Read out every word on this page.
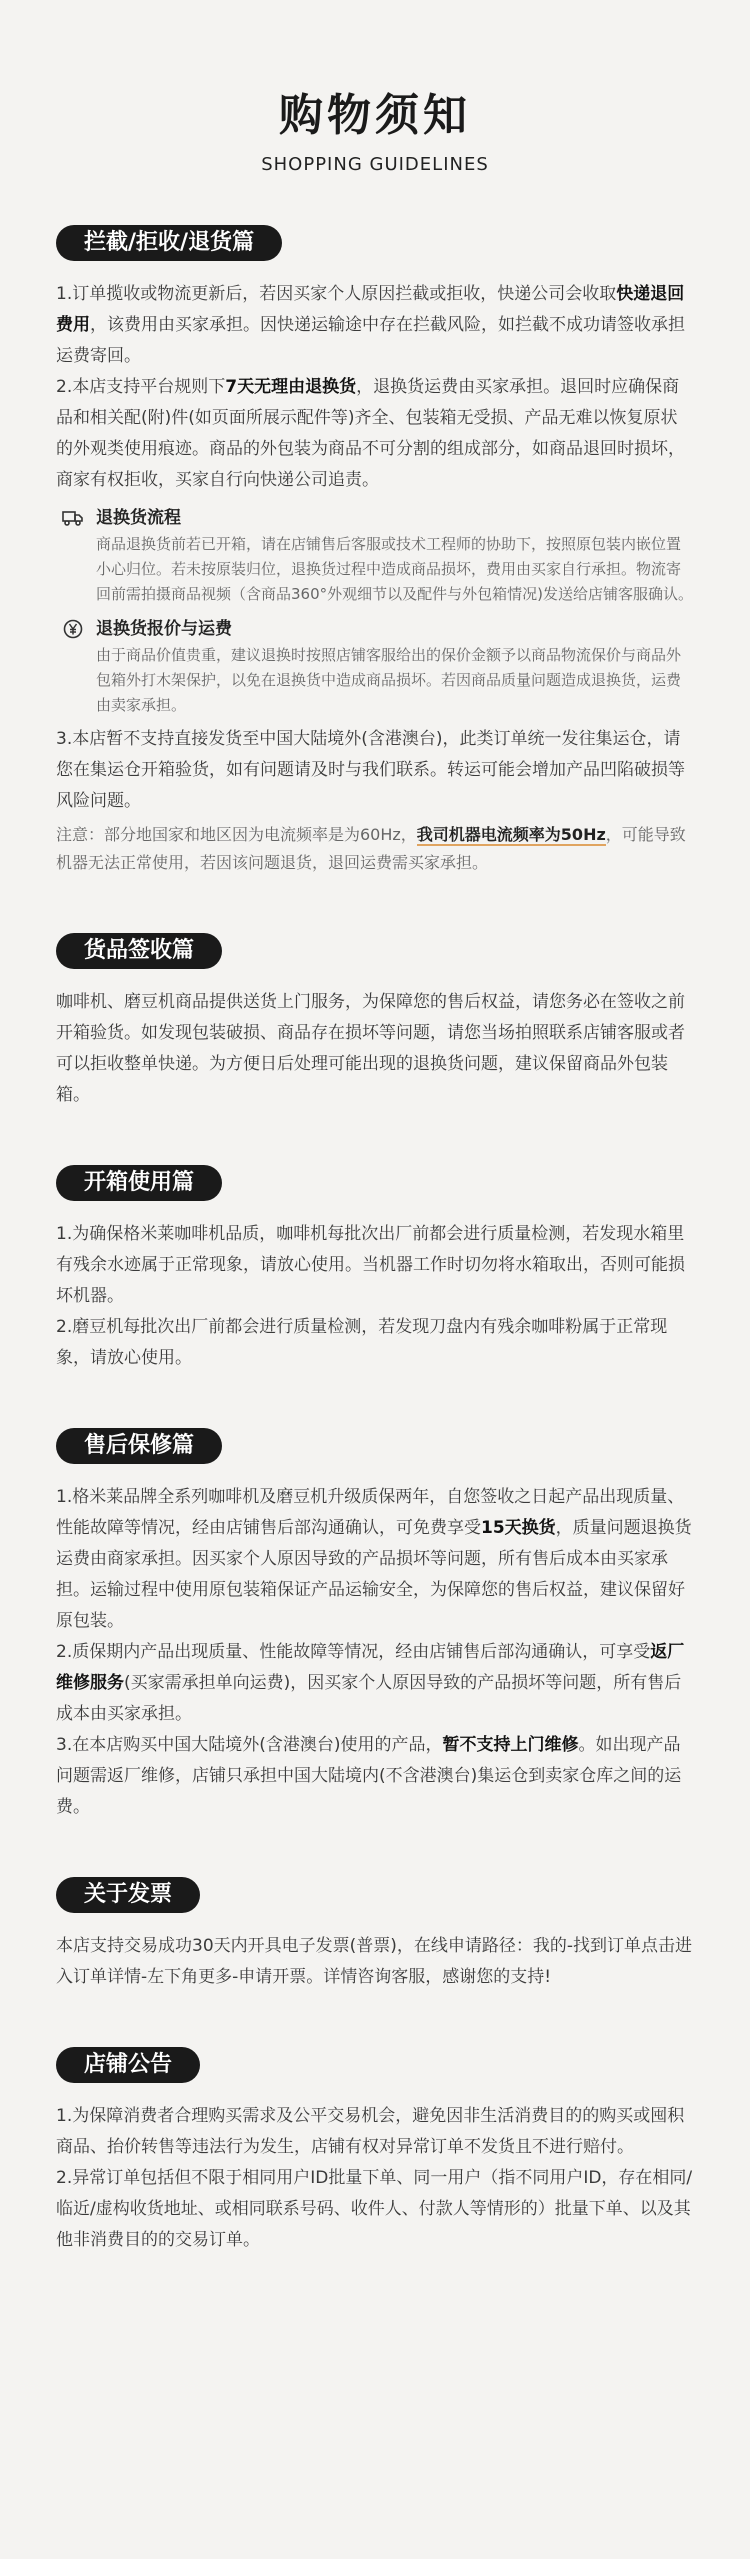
购物须知
SHOPPING GUIDELINES
拦截/拒收/退货篇

1.订单揽收或物流更新后，若因买家个人原因拦截或拒收，快递公司会收取快递退回费用，该费用由买家承担。因快递运输途中存在拦截风险，如拦截不成功请签收承担运费寄回。

2.本店支持平台规则下7天无理由退换货，退换货运费由买家承担。退回时应确保商品和相关配(附)件(如页面所展示配件等)齐全、包装箱无受损、产品无难以恢复原状的外观类使用痕迹。商品的外包装为商品不可分割的组成部分，如商品退回时损坏，商家有权拒收，买家自行向快递公司追责。

退换货流程

商品退换货前若已开箱，请在店铺售后客服或技术工程师的协助下，按照原包装内嵌位置小心归位。若未按原装归位，退换货过程中造成商品损坏，费用由买家自行承担。物流寄回前需拍摄商品视频（含商品360°外观细节以及配件与外包箱情况)发送给店铺客服确认。

退换货报价与运费

由于商品价值贵重，建议退换时按照店铺客服给出的保价金额予以商品物流保价与商品外包箱外打木架保护，以免在退换货中造成商品损坏。若因商品质量问题造成退换货，运费由卖家承担。

3.本店暂不支持直接发货至中国大陆境外(含港澳台)，此类订单统一发往集运仓，请您在集运仓开箱验货，如有问题请及时与我们联系。转运可能会增加产品凹陷破损等风险问题。

注意：部分地国家和地区因为电流频率是为60Hz，我司机器电流频率为50Hz，可能导致机器无法正常使用，若因该问题退货，退回运费需买家承担。

货品签收篇

咖啡机、磨豆机商品提供送货上门服务，为保障您的售后权益，请您务必在签收之前开箱验货。如发现包装破损、商品存在损坏等问题，请您当场拍照联系店铺客服或者可以拒收整单快递。为方便日后处理可能出现的退换货问题，建议保留商品外包装箱。

开箱使用篇

1.为确保格米莱咖啡机品质，咖啡机每批次出厂前都会进行质量检测，若发现水箱里有残余水迹属于正常现象，请放心使用。当机器工作时切勿将水箱取出，否则可能损坏机器。

2.磨豆机每批次出厂前都会进行质量检测，若发现刀盘内有残余咖啡粉属于正常现象，请放心使用。

售后保修篇

1.格米莱品牌全系列咖啡机及磨豆机升级质保两年，自您签收之日起产品出现质量、性能故障等情况，经由店铺售后部沟通确认，可免费享受15天换货，质量问题退换货运费由商家承担。因买家个人原因导致的产品损坏等问题，所有售后成本由买家承担。运输过程中使用原包装箱保证产品运输安全，为保障您的售后权益，建议保留好原包装。

2.质保期内产品出现质量、性能故障等情况，经由店铺售后部沟通确认，可享受返厂维修服务(买家需承担单向运费)，因买家个人原因导致的产品损坏等问题，所有售后成本由买家承担。

3.在本店购买中国大陆境外(含港澳台)使用的产品，暂不支持上门维修。如出现产品问题需返厂维修，店铺只承担中国大陆境内(不含港澳台)集运仓到卖家仓库之间的运费。

关于发票

本店支持交易成功30天内开具电子发票(普票)，在线申请路径：我的-找到订单点击进入订单详情-左下角更多-申请开票。详情咨询客服，感谢您的支持!

店铺公告

1.为保障消费者合理购买需求及公平交易机会，避免因非生活消费目的的购买或囤积商品、抬价转售等违法行为发生，店铺有权对异常订单不发货且不进行赔付。

2.异常订单包括但不限于相同用户ID批量下单、同一用户（指不同用户ID，存在相同/临近/虚构收货地址、或相同联系号码、收件人、付款人等情形的）批量下单、以及其他非消费目的的交易订单。
